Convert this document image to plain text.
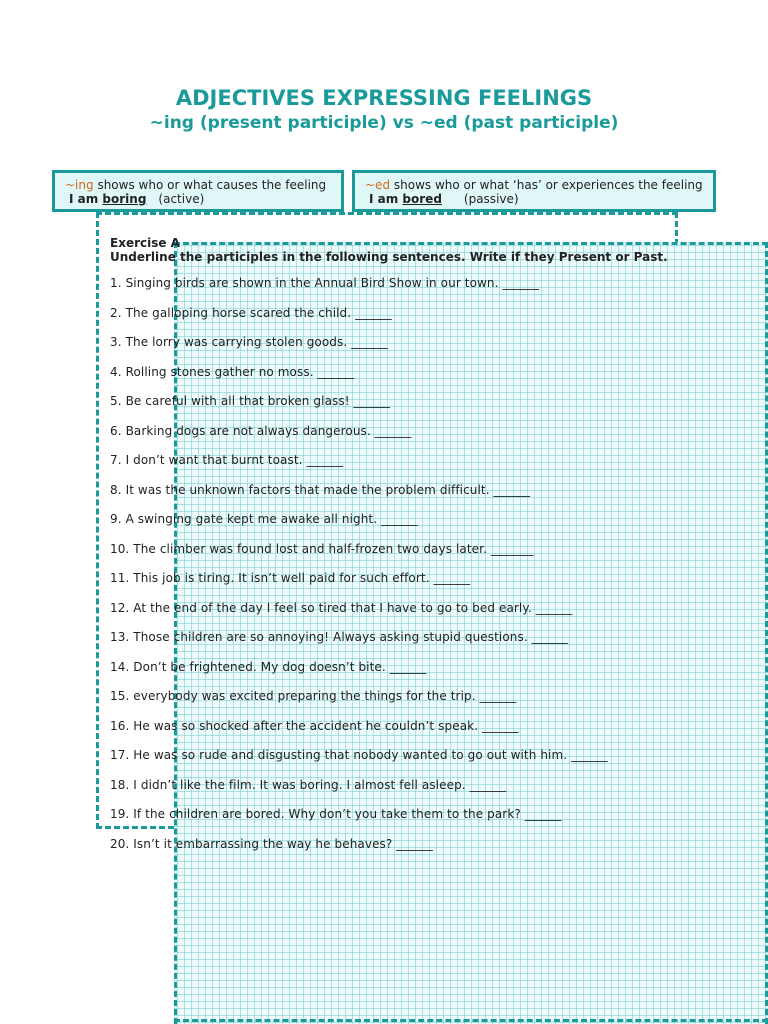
ADJECTIVES EXPRESSING FEELINGS
~ing (present participle) vs ~ed (past participle)
~ing shows who or what causes the feeling
I am boring (active)
~ed shows who or what ‘has’ or experiences the feeling
I am bored (passive)
Exercise A
Underline the participles in the following sentences. Write if they Present or Past.
1. Singing birds are shown in the Annual Bird Show in our town. ______
2. The galloping horse scared the child. ______
3. The lorry was carrying stolen goods. ______
4. Rolling stones gather no moss. ______
5. Be careful with all that broken glass! ______
6. Barking dogs are not always dangerous. ______
7. I don’t want that burnt toast. ______
8. It was the unknown factors that made the problem difficult. ______
9. A swinging gate kept me awake all night. ______
10. The climber was found lost and half-frozen two days later. _______
11. This job is tiring. It isn’t well paid for such effort. ______
12. At the end of the day I feel so tired that I have to go to bed early. ______
13. Those children are so annoying! Always asking stupid questions. ______
14. Don’t be frightened. My dog doesn’t bite. ______
15. everybody was excited preparing the things for the trip. ______
16. He was so shocked after the accident he couldn’t speak. ______
17. He was so rude and disgusting that nobody wanted to go out with him. ______
18. I didn’t like the film. It was boring. I almost fell asleep. ______
19. If the children are bored. Why don’t you take them to the park? ______
20. Isn’t it embarrassing the way he behaves? ______
